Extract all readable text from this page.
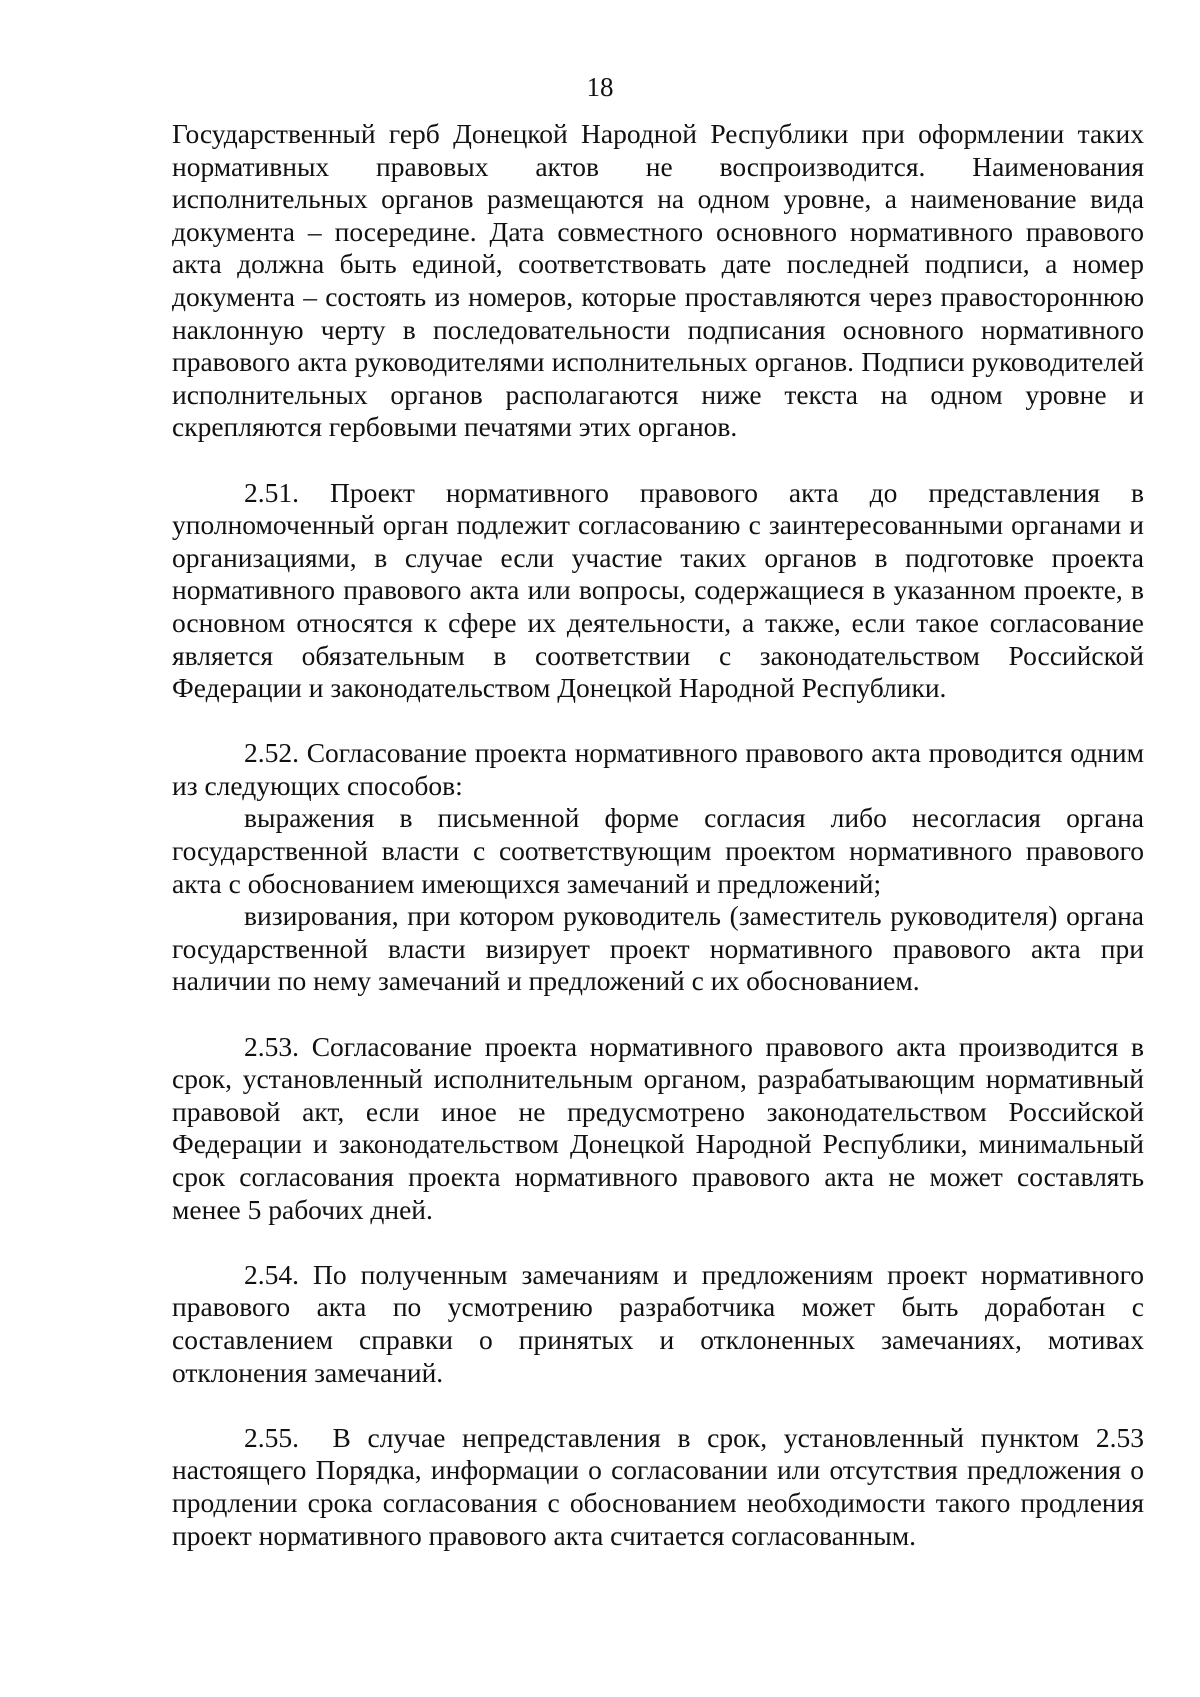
18

Государственный герб Донецкой Народной Республики при оформлении таких нормативных правовых актов не воспроизводится. Наименования исполнительных органов размещаются на одном уровне, а наименование вида документа – посередине. Дата совместного основного нормативного правового акта должна быть единой, соответствовать дате последней подписи, а номер документа – состоять из номеров, которые проставляются через правостороннюю наклонную черту в последовательности подписания основного нормативного правового акта руководителями исполнительных органов. Подписи руководителей исполнительных органов располагаются ниже текста на одном уровне и скрепляются гербовыми печатями этих органов.

2.51. Проект нормативного правового акта до представления в уполномоченный орган подлежит согласованию с заинтересованными органами и организациями, в случае если участие таких органов в подготовке проекта нормативного правового акта или вопросы, содержащиеся в указанном проекте, в основном относятся к сфере их деятельности, а также, если такое согласование является обязательным в соответствии с законодательством Российской Федерации и законодательством Донецкой Народной Республики.

2.52. Согласование проекта нормативного правового акта проводится одним из следующих способов:

выражения в письменной форме согласия либо несогласия органа государственной власти с соответствующим проектом нормативного правового акта с обоснованием имеющихся замечаний и предложений;

визирования, при котором руководитель (заместитель руководителя) органа государственной власти визирует проект нормативного правового акта при наличии по нему замечаний и предложений с их обоснованием.

2.53. Согласование проекта нормативного правового акта производится в срок, установленный исполнительным органом, разрабатывающим нормативный правовой акт, если иное не предусмотрено законодательством Российской Федерации и законодательством Донецкой Народной Республики, минимальный срок согласования проекта нормативного правового акта не может составлять менее 5 рабочих дней.

2.54. По полученным замечаниям и предложениям проект нормативного правового акта по усмотрению разработчика может быть доработан с составлением справки о принятых и отклоненных замечаниях, мотивах отклонения замечаний.

2.55. В случае непредставления в срок, установленный пунктом 2.53 настоящего Порядка, информации о согласовании или отсутствия предложения о продлении срока согласования с обоснованием необходимости такого продления проект нормативного правового акта считается согласованным.
